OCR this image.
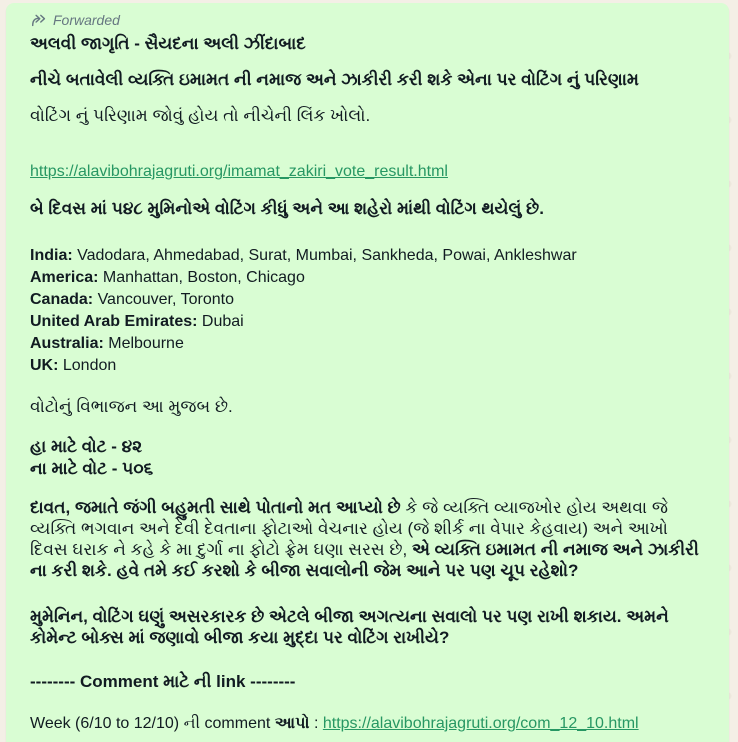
Forwarded

અલવી જાગૃતિ - સૈયદના અલી ઝીંદાબાદ

નીચે બતાવેલી વ્યક્તિ ઇમામત ની નમાજ અને ઝાકીરી કરી શકે એના પર વોટિંગ નું પરિણામ

વોટિંગ નું પરિણામ જોવું હોય તો નીચેની લિંક ખોલો.

https://alavibohrajagruti.org/imamat_zakiri_vote_result.html

બે દિવસ માં ૫૪૮ મુમિનોએ વોટિંગ કીધું અને આ શહેરો માંથી વોટિંગ થયેલું છે.

India: Vadodara, Ahmedabad, Surat, Mumbai, Sankheda, Powai, Ankleshwar

America: Manhattan, Boston, Chicago

Canada: Vancouver, Toronto

United Arab Emirates: Dubai

Australia: Melbourne

UK: London

વોટોનું વિભાજન આ મુજબ છે.

હા માટે વોટ - ૪૨

ના માટે વોટ - ૫૦૬

દાવત, જમાતે જંગી બહુમતી સાથે પોતાનો મત આપ્યો છે કે જે વ્યક્તિ વ્યાજખોર હોય અથવા જે વ્યક્તિ ભગવાન અને દેવી દેવતાના ફોટાઓ વેચનાર હોય (જે શીર્ક ના વેપાર કેહવાય) અને આખો દિવસ ઘરાક ને કહે કે મા દુર્ગા ના ફોટો ફ્રેમ ઘણા સરસ છે, એ વ્યક્તિ ઇમામત ની નમાજ અને ઝાકીરી ના કરી શકે. હવે તમે કઈ કરશો કે બીજા સવાલોની જેમ આને પર પણ ચૂપ રહેશો?

મુમેનિન, વોટિંગ ઘણું અસરકારક છે એટલે બીજા અગત્યના સવાલો પર પણ રાખી શકાય. અમને કોમેન્ટ બોક્સ માં જણાવો બીજા કયા મુદ્દા પર વોટિંગ રાખીયે?

-------- Comment માટે ની link --------

Week (6/10 to 12/10) ની comment આપો : https://alavibohrajagruti.org/com_12_10.html
